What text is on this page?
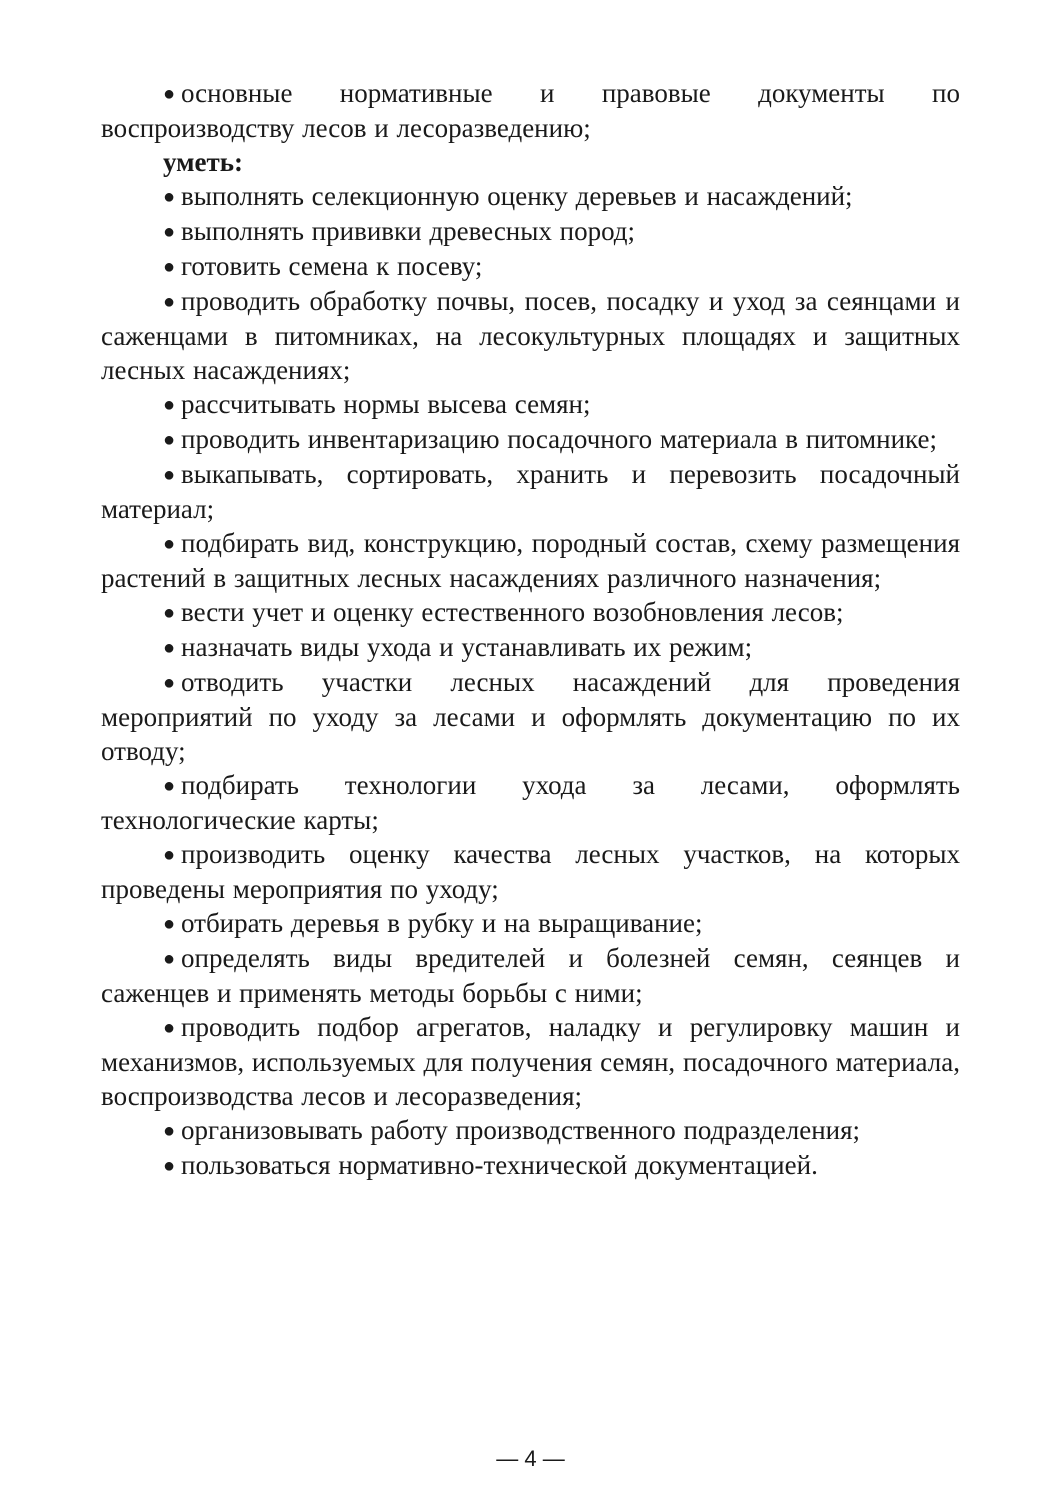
● основные нормативные и правовые документы по воспроизводству лесов и лесоразведению;

уметь:

● выполнять селекционную оценку деревьев и насаждений;

● выполнять прививки древесных пород;

● готовить семена к посеву;

● проводить обработку почвы, посев, посадку и уход за сеянцами и саженцами в питомниках, на лесокультурных площадях и защитных лесных насаждениях;

● рассчитывать нормы высева семян;

● проводить инвентаризацию посадочного материала в питомнике;

● выкапывать, сортировать, хранить и перевозить посадочный материал;

● подбирать вид, конструкцию, породный состав, схему размещения растений в защитных лесных насаждениях различного назначения;

● вести учет и оценку естественного возобновления лесов;

● назначать виды ухода и устанавливать их режим;

● отводить участки лесных насаждений для проведения мероприятий по уходу за лесами и оформлять документацию по их отводу;

● подбирать технологии ухода за лесами, оформлять технологические карты;

● производить оценку качества лесных участков, на которых проведены мероприятия по уходу;

● отбирать деревья в рубку и на выращивание;

● определять виды вредителей и болезней семян, сеянцев и саженцев и применять методы борьбы с ними;

● проводить подбор агрегатов, наладку и регулировку машин и механизмов, используемых для получения семян, посадочного материала, воспроизводства лесов и лесоразведения;

● организовывать работу производственного подразделения;

● пользоваться нормативно-технической документацией.

— 4 —
